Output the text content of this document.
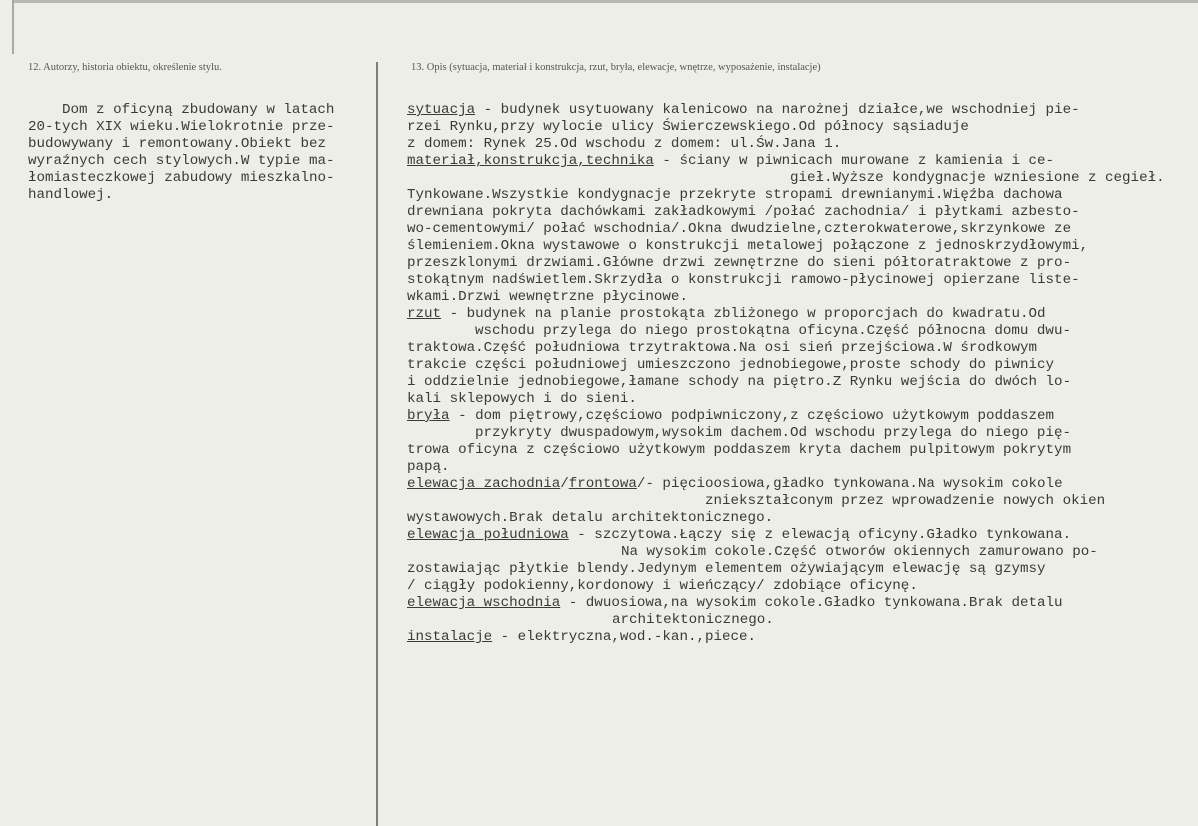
12. Autorzy, historia obiektu, określenie stylu.	13. Opis (sytuacja, materiał i konstrukcja, rzut, bryła, elewacje, wnętrze, wyposażenie, instalacje)
Dom z oficyną zbudowany w latach
20-tych XIX wieku.Wielokrotnie prze-
budowywany i remontowany.Obiekt bez
wyraźnych cech stylowych.W typie ma-
łomiasteczkowej zabudowy mieszkalno-
handlowej.
sytuacja - budynek usytuowany kalenicowo na narożnej działce,we wschodniej pie-
rzei Rynku,przy wylocie ulicy Świerczewskiego.Od północy sąsiaduje
z domem: Rynek 25.Od wschodu z domem: ul.Św.Jana 1.
materiał,konstrukcja,technika - ściany w piwnicach murowane z kamienia i ce-
gieł.Wyższe kondygnacje wzniesione z cegieł.
Tynkowane.Wszystkie kondygnacje przekryte stropami drewnianymi.Więźba dachowa
drewniana pokryta dachówkami zakładkowymi /połać zachodnia/ i płytkami azbesto-
wo-cementowymi/ połać wschodnia/.Okna dwudzielne,czterokwaterowe,skrzynkowe ze
ślemieniem.Okna wystawowe o konstrukcji metalowej połączone z jednoskrzydłowymi,
przeszklonymi drzwiami.Główne drzwi zewnętrzne do sieni półtoratraktowe z pro-
stokątnym nadświetlem.Skrzydła o konstrukcji ramowo-płycinowej opierzane liste-
wkami.Drzwi wewnętrzne płycinowe.
rzut - budynek na planie prostokąta zbliżonego w proporcjach do kwadratu.Od
wschodu przylega do niego prostokątna oficyna.Część północna domu dwu-
traktowa.Część południowa trzytraktowa.Na osi sień przejściowa.W środkowym
trakcie części południowej umieszczono jednobiegowe,proste schody do piwnicy
i oddzielnie jednobiegowe,łamane schody na piętro.Z Rynku wejścia do dwóch lo-
kali sklepowych i do sieni.
bryła - dom piętrowy,częściowo podpiwniczony,z częściowo użytkowym poddaszem
przykryty dwuspadowym,wysokim dachem.Od wschodu przylega do niego pię-
trowa oficyna z częściowo użytkowym poddaszem kryta dachem pulpitowym pokrytym
papą.
elewacja zachodnia/frontowa/- pięcioosiowa,gładko tynkowana.Na wysokim cokole
zniekształconym przez wprowadzenie nowych okien
wystawowych.Brak detalu architektonicznego.
elewacja południowa - szczytowa.Łączy się z elewacją oficyny.Gładko tynkowana.
Na wysokim cokole.Część otworów okiennych zamurowano po-
zostawiając płytkie blendy.Jedynym elementem ożywiającym elewację są gzymsy
/ ciągły podokienny,kordonowy i wieńczący/ zdobiące oficynę.
elewacja wschodnia - dwuosiowa,na wysokim cokole.Gładko tynkowana.Brak detalu
architektonicznego.
instalacje - elektryczna,wod.-kan.,piece.
